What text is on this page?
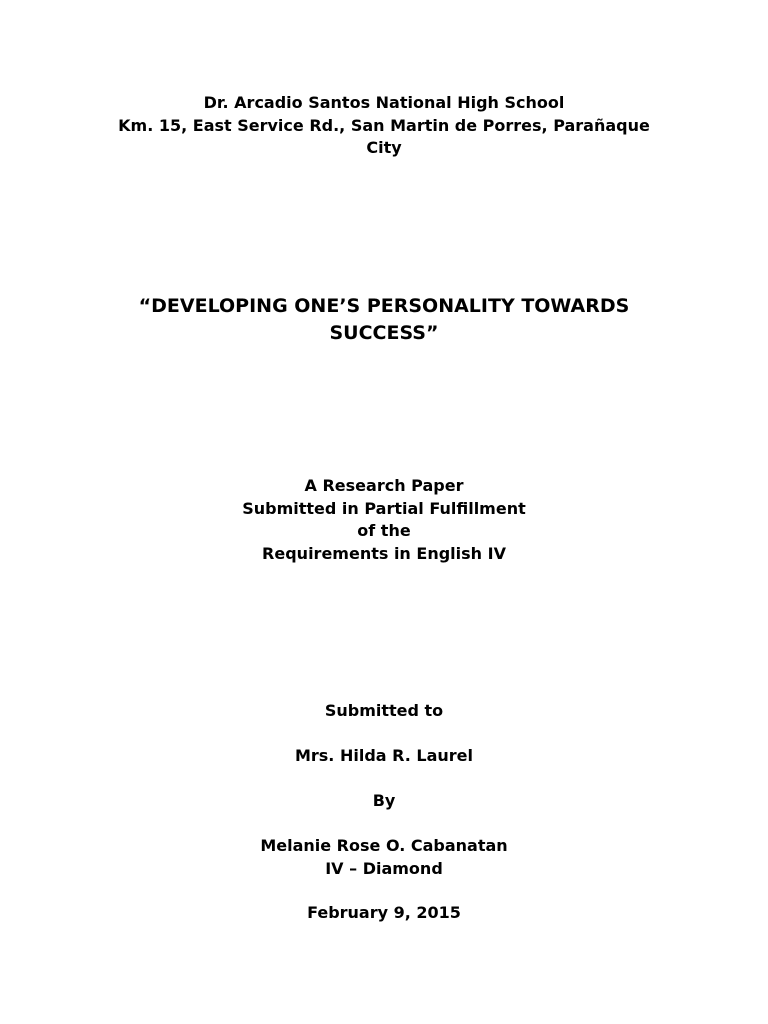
Dr. Arcadio Santos National High School
Km. 15, East Service Rd., San Martin de Porres, Parañaque
City
“DEVELOPING ONE’S PERSONALITY TOWARDS
SUCCESS”
A Research Paper
Submitted in Partial Fulfillment
of the
Requirements in English IV
Submitted to
Mrs. Hilda R. Laurel
By
Melanie Rose O. Cabanatan
IV – Diamond
February 9, 2015
